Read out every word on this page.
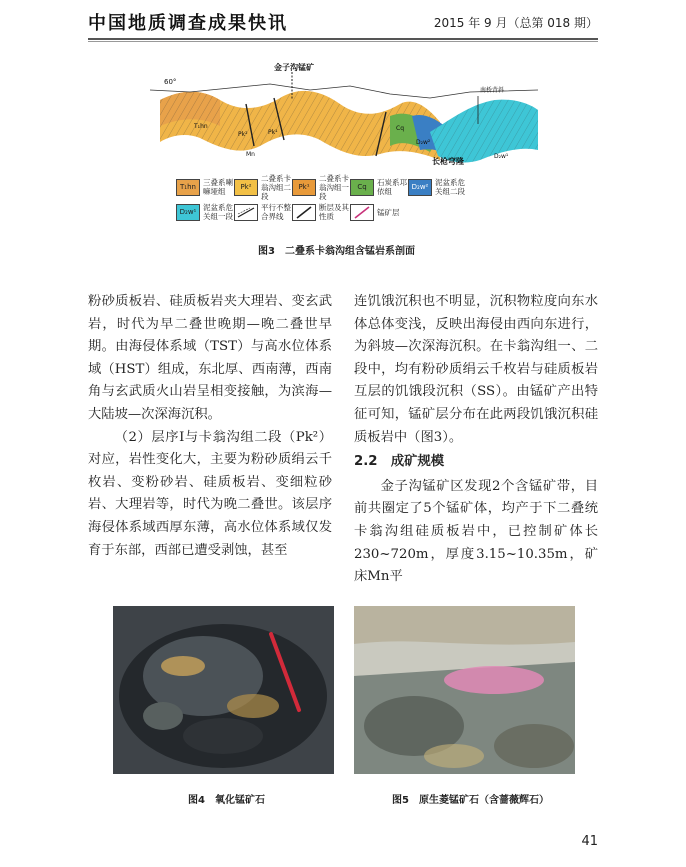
中国地质调查成果快讯	2015 年 9 月（总第 018 期）
金子沟锰矿
60°
南桥背斜
长枪穹隆
T₁hn
Pk²	Pk¹
Cq
D₂w²
D₂w¹
Mn
T₁hn 三叠系喇嘛垭组	Pk²
二叠系卡翁沟组二段
Pk¹
二叠系卡翁沟组一段
Cq	石炭系邛依组	D₂w² 泥盆系危关组二段
D₂w¹ 泥盆系危关组一段
平行不整合界线
断层及其性质	锰矿层
图3　二叠系卡翁沟组含锰岩系剖面

粉砂质板岩、硅质板岩夹大理岩、变玄武岩，时代为早二叠世晚期—晚二叠世早期。由海侵体系域（TST）与高水位体系域（HST）组成，东北厚、西南薄，西南角与玄武质火山岩呈相变接触，为滨海—大陆坡—次深海沉积。

（2）层序Ⅰ与卡翁沟组二段（Pk²）对应，岩性变化大，主要为粉砂质绢云千枚岩、变粉砂岩、硅质板岩、变细粒砂岩、大理岩等，时代为晚二叠世。该层序海侵体系域西厚东薄，高水位体系域仅发育于东部，西部已遭受剥蚀，甚至

连饥饿沉积也不明显，沉积物粒度向东水体总体变浅，反映出海侵由西向东进行，为斜坡—次深海沉积。在卡翁沟组一、二段中，均有粉砂质绢云千枚岩与硅质板岩互层的饥饿段沉积（SS）。由锰矿产出特征可知，锰矿层分布在此两段饥饿沉积硅质板岩中（图3）。

2.2　成矿规模

金子沟锰矿区发现2个含锰矿带，目前共圈定了5个锰矿体，均产于下二叠统卡翁沟组硅质板岩中，已控制矿体长230~720m，厚度3.15~10.35m，矿床Mn平

图4　氧化锰矿石	图5　原生菱锰矿石（含蔷薇辉石）
41
